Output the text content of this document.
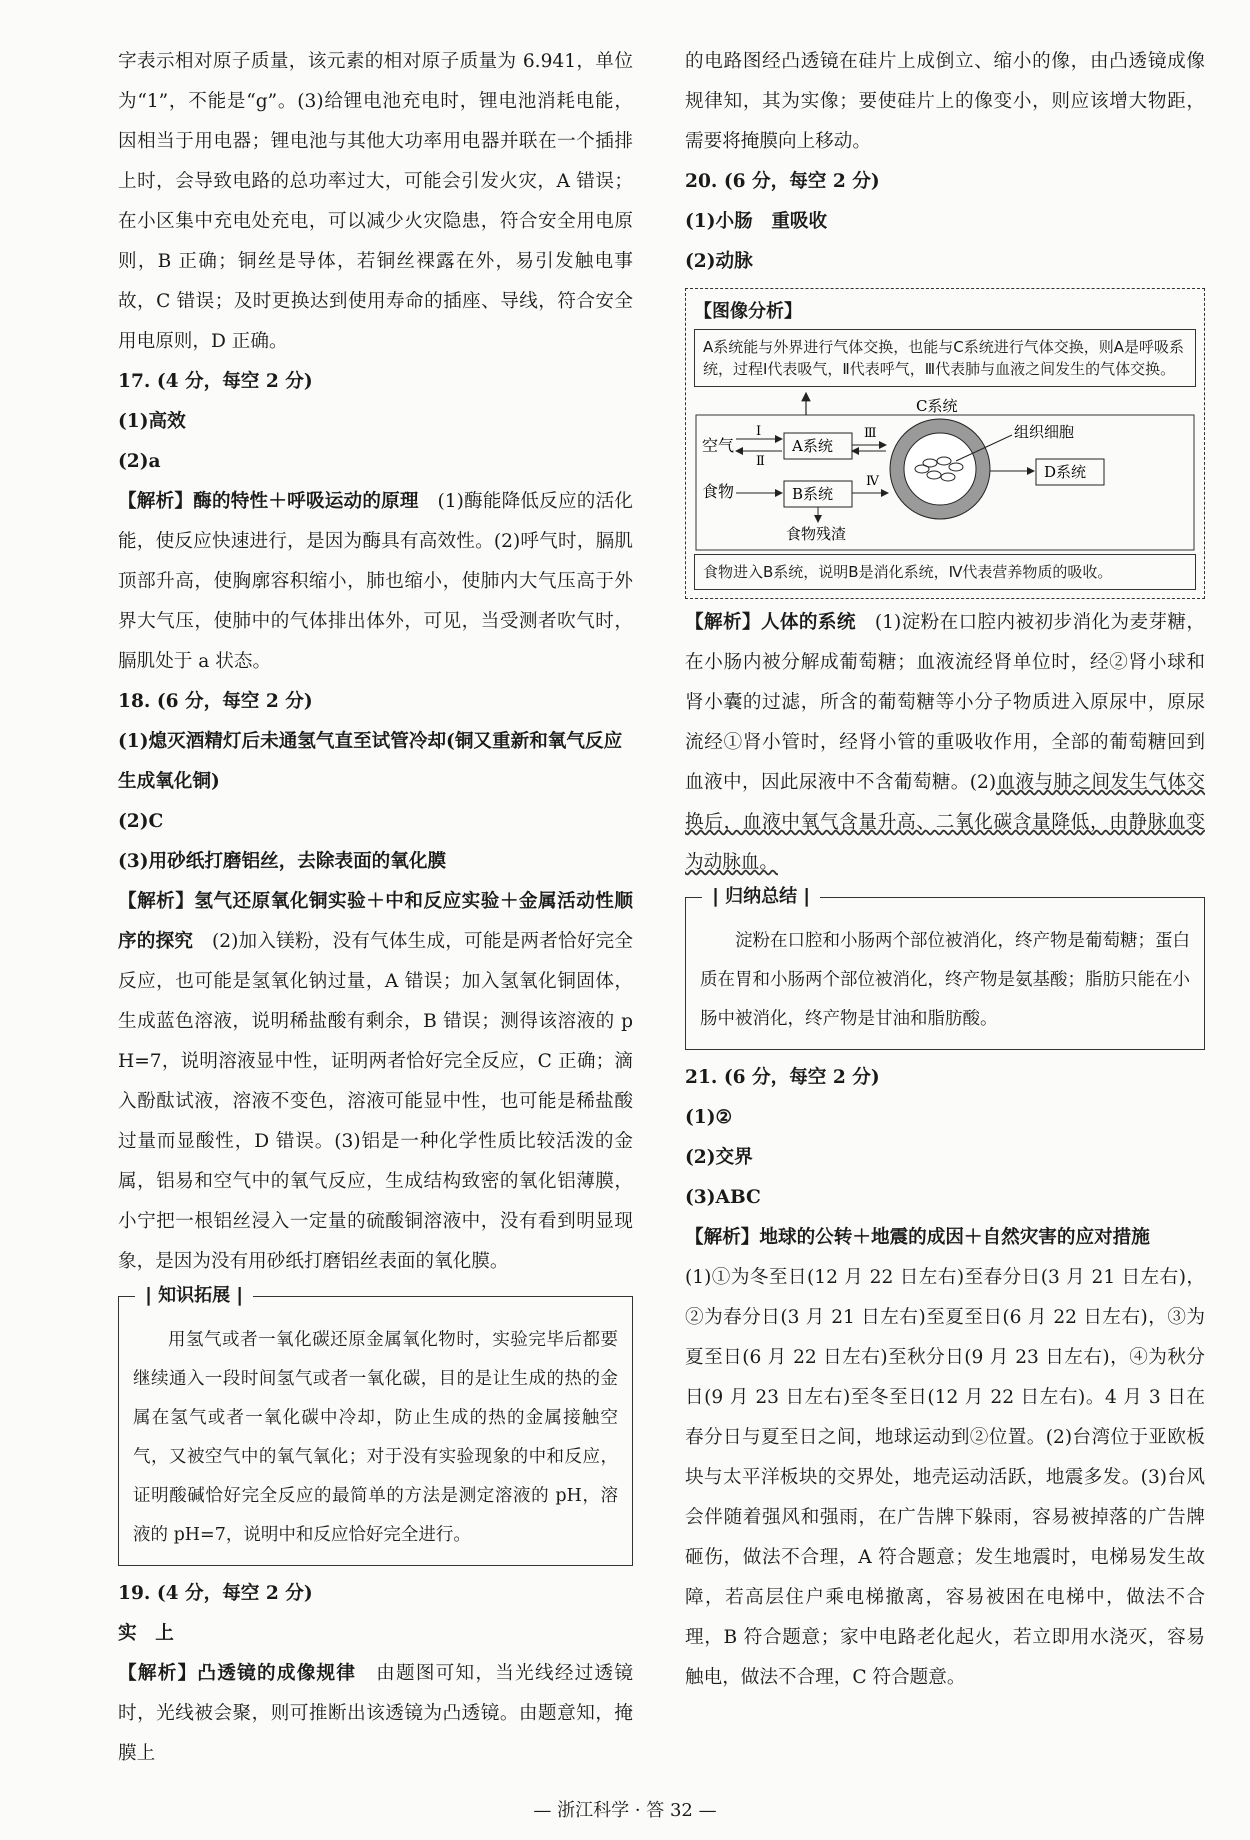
字表示相对原子质量，该元素的相对原子质量为 6.941，单位为“1”，不能是“g”。(3)给锂电池充电时，锂电池消耗电能，因相当于用电器；锂电池与其他大功率用电器并联在一个插排上时，会导致电路的总功率过大，可能会引发火灾，A 错误；在小区集中充电处充电，可以减少火灾隐患，符合安全用电原则，B 正确；铜丝是导体，若铜丝裸露在外，易引发触电事故，C 错误；及时更换达到使用寿命的插座、导线，符合安全用电原则，D 正确。

17. (4 分，每空 2 分)
(1)高效
(2)a

【解析】酶的特性＋呼吸运动的原理　(1)酶能降低反应的活化能，使反应快速进行，是因为酶具有高效性。(2)呼气时，膈肌顶部升高，使胸廓容积缩小，肺也缩小，使肺内大气压高于外界大气压，使肺中的气体排出体外，可见，当受测者吹气时，膈肌处于 a 状态。

18. (6 分，每空 2 分)
(1)熄灭酒精灯后未通氢气直至试管冷却(铜又重新和氧气反应生成氧化铜)
(2)C
(3)用砂纸打磨铝丝，去除表面的氧化膜

【解析】氢气还原氧化铜实验＋中和反应实验＋金属活动性顺序的探究　(2)加入镁粉，没有气体生成，可能是两者恰好完全反应，也可能是氢氧化钠过量，A 错误；加入氢氧化铜固体，生成蓝色溶液，说明稀盐酸有剩余，B 错误；测得该溶液的 pH=7，说明溶液显中性，证明两者恰好完全反应，C 正确；滴入酚酞试液，溶液不变色，溶液可能显中性，也可能是稀盐酸过量而显酸性，D 错误。(3)铝是一种化学性质比较活泼的金属，铝易和空气中的氧气反应，生成结构致密的氧化铝薄膜，小宁把一根铝丝浸入一定量的硫酸铜溶液中，没有看到明显现象，是因为没有用砂纸打磨铝丝表面的氧化膜。

❘ 知识拓展 ❘

用氢气或者一氧化碳还原金属氧化物时，实验完毕后都要继续通入一段时间氢气或者一氧化碳，目的是让生成的热的金属在氢气或者一氧化碳中冷却，防止生成的热的金属接触空气，又被空气中的氧气氧化；对于没有实验现象的中和反应，证明酸碱恰好完全反应的最简单的方法是测定溶液的 pH，溶液的 pH=7，说明中和反应恰好完全进行。

19. (4 分，每空 2 分)
实　上

【解析】凸透镜的成像规律　由题图可知，当光线经过透镜时，光线被会聚，则可推断出该透镜为凸透镜。由题意知，掩膜上

的电路图经凸透镜在硅片上成倒立、缩小的像，由凸透镜成像规律知，其为实像；要使硅片上的像变小，则应该增大物距，需要将掩膜向上移动。

20. (6 分，每空 2 分)
(1)小肠　重吸收
(2)动脉
【图像分析】
A系统能与外界进行气体交换，也能与C系统进行气体交换，则A是呼吸系统，过程Ⅰ代表吸气，Ⅱ代表呼气，Ⅲ代表肺与血液之间发生的气体交换。
空气
食物
Ⅰ
Ⅱ
A系统
B系统
食物残渣
Ⅲ
Ⅳ
C系统
组织细胞
D系统
食物进入B系统，说明B是消化系统，Ⅳ代表营养物质的吸收。

【解析】人体的系统　(1)淀粉在口腔内被初步消化为麦芽糖，在小肠内被分解成葡萄糖；血液流经肾单位时，经②肾小球和肾小囊的过滤，所含的葡萄糖等小分子物质进入原尿中，原尿流经①肾小管时，经肾小管的重吸收作用，全部的葡萄糖回到血液中，因此尿液中不含葡萄糖。(2)血液与肺之间发生气体交换后，血液中氧气含量升高、二氧化碳含量降低，由静脉血变为动脉血。

❘ 归纳总结 ❘

淀粉在口腔和小肠两个部位被消化，终产物是葡萄糖；蛋白质在胃和小肠两个部位被消化，终产物是氨基酸；脂肪只能在小肠中被消化，终产物是甘油和脂肪酸。

21. (6 分，每空 2 分)
(1)②
(2)交界
(3)ABC

【解析】地球的公转＋地震的成因＋自然灾害的应对措施

(1)①为冬至日(12 月 22 日左右)至春分日(3 月 21 日左右)，②为春分日(3 月 21 日左右)至夏至日(6 月 22 日左右)，③为夏至日(6 月 22 日左右)至秋分日(9 月 23 日左右)，④为秋分日(9 月 23 日左右)至冬至日(12 月 22 日左右)。4 月 3 日在春分日与夏至日之间，地球运动到②位置。(2)台湾位于亚欧板块与太平洋板块的交界处，地壳运动活跃，地震多发。(3)台风会伴随着强风和强雨，在广告牌下躲雨，容易被掉落的广告牌砸伤，做法不合理，A 符合题意；发生地震时，电梯易发生故障，若高层住户乘电梯撤离，容易被困在电梯中，做法不合理，B 符合题意；家中电路老化起火，若立即用水浇灭，容易触电，做法不合理，C 符合题意。

— 浙江科学 · 答 32 —
